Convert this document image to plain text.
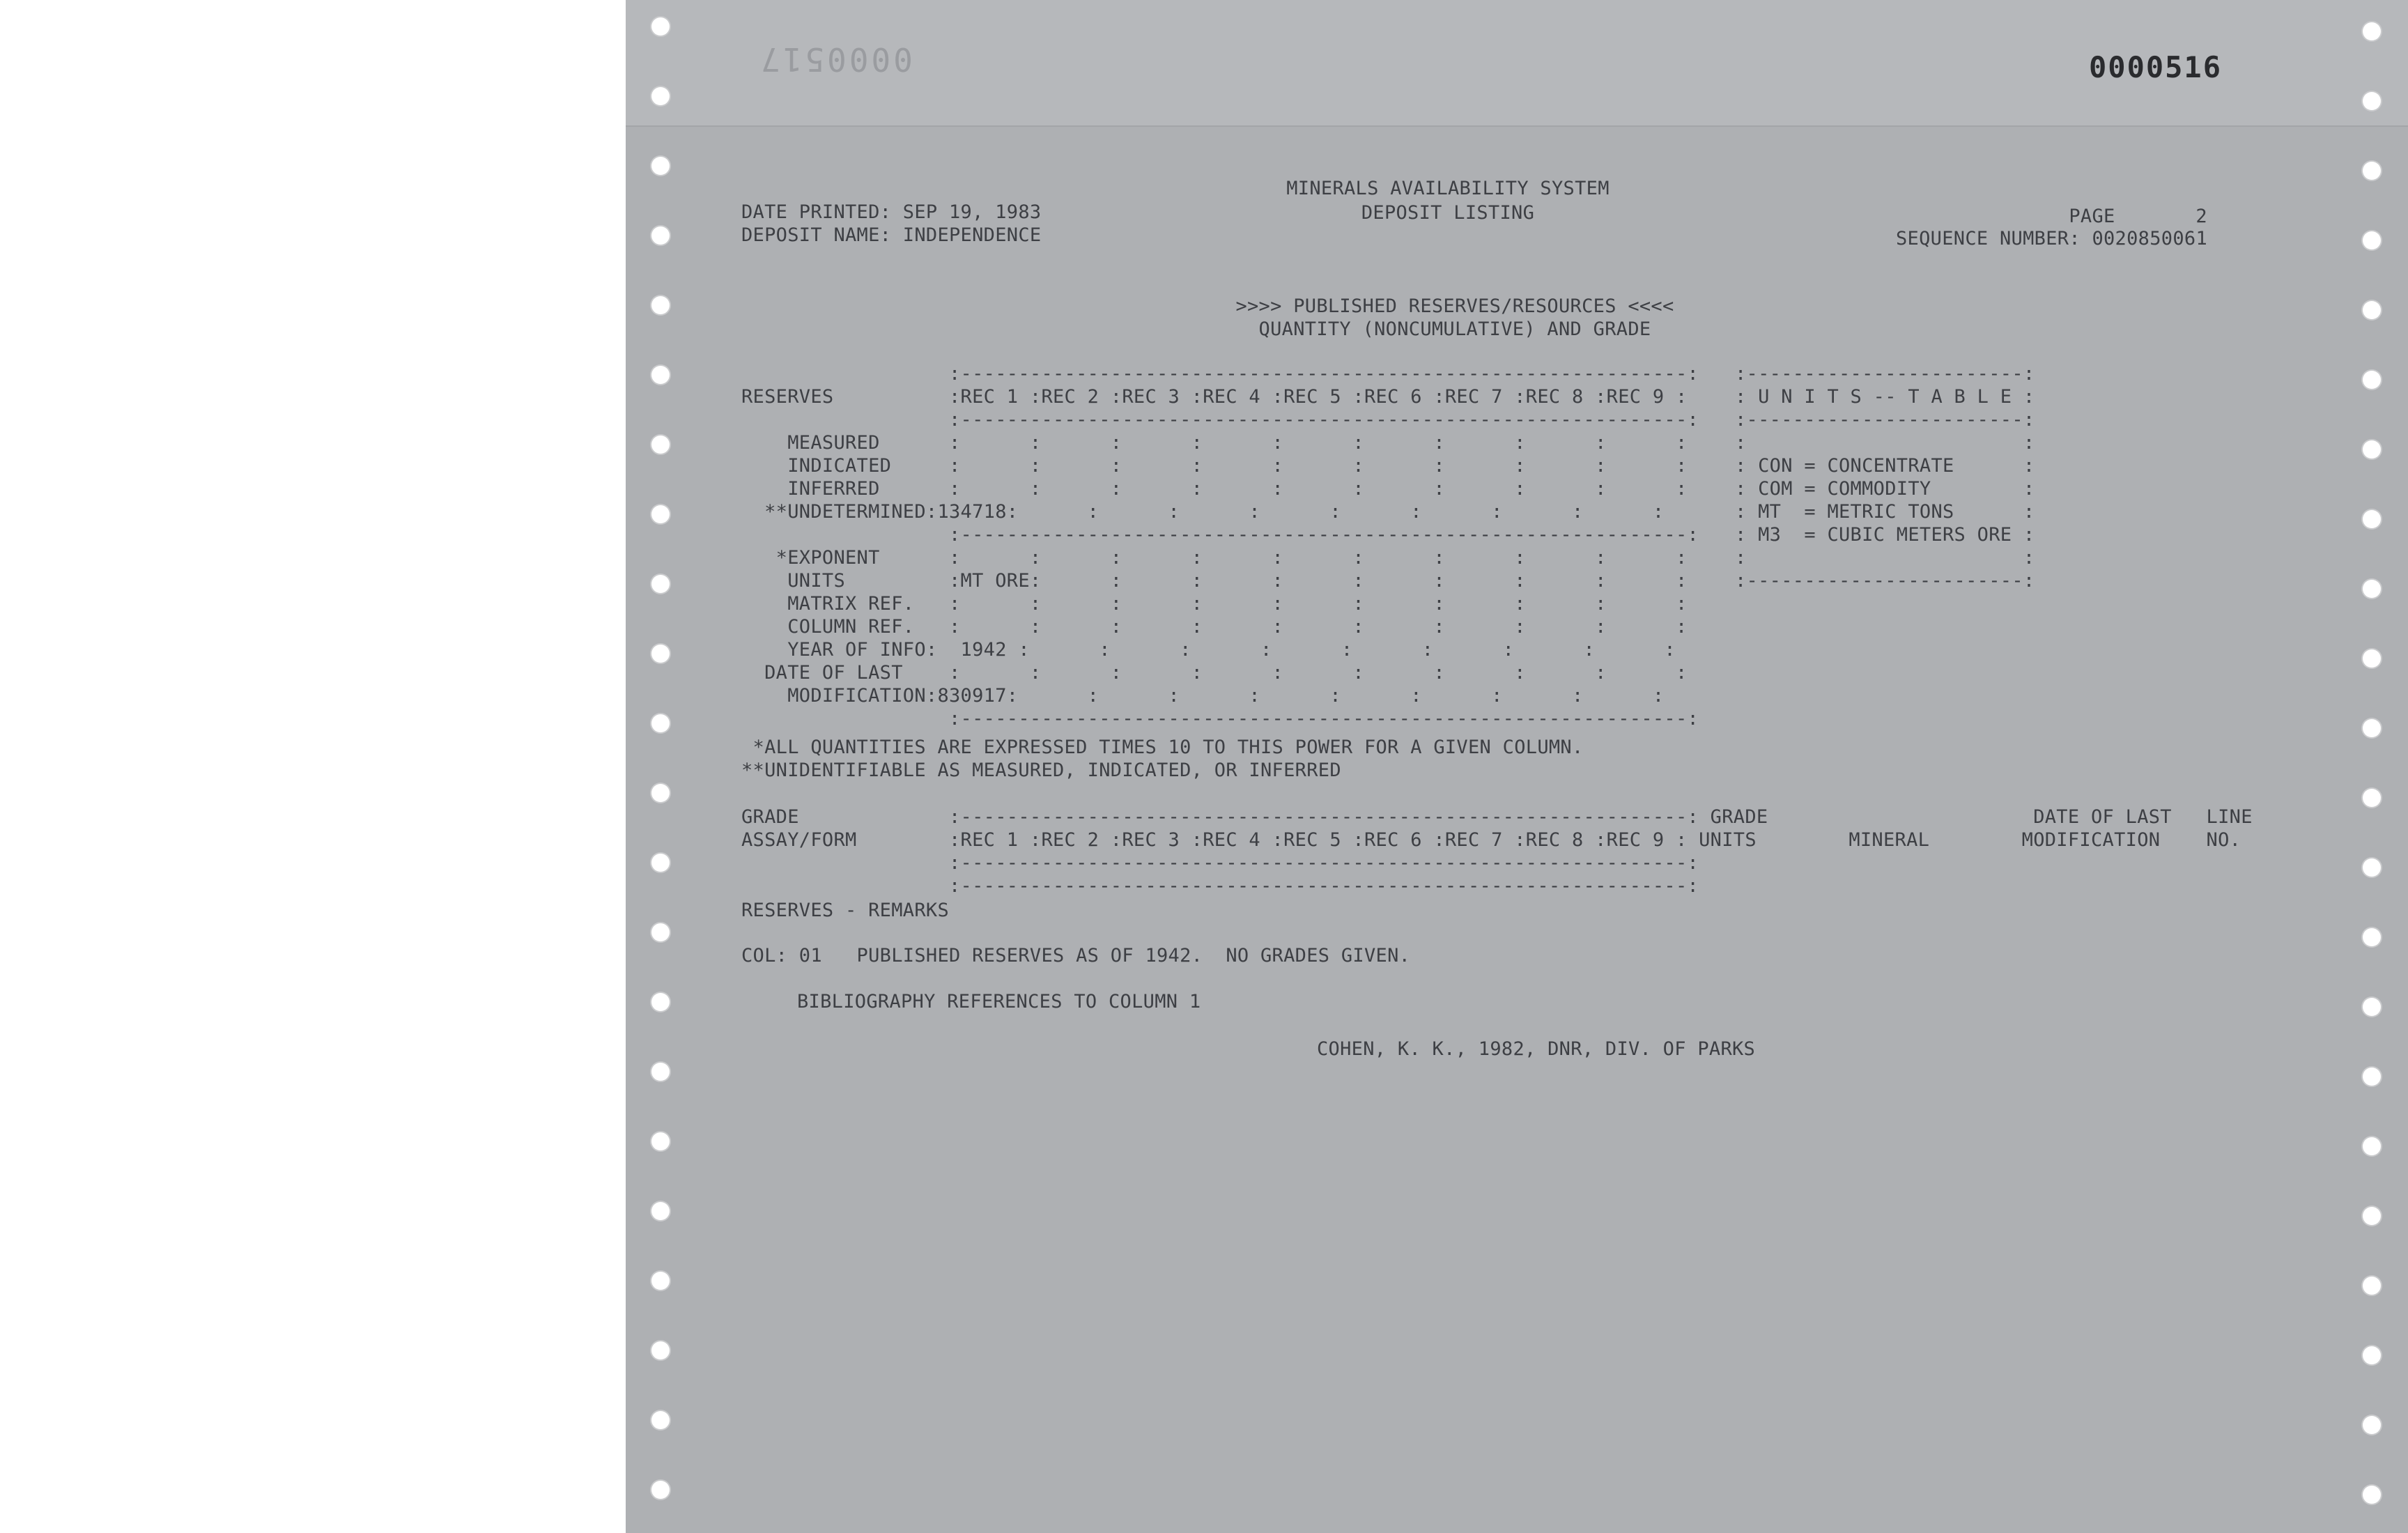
0000517	0000516
MINERALS AVAILABILITY SYSTEM
DEPOSIT LISTING
DATE PRINTED: SEP 19, 1983
DEPOSIT NAME: INDEPENDENCE
PAGE       2
SEQUENCE NUMBER: 0020850061
>>>> PUBLISHED RESERVES/RESOURCES <<<<
QUANTITY (NONCUMULATIVE) AND GRADE
:---------------------------------------------------------------:
RESERVES          :REC 1 :REC 2 :REC 3 :REC 4 :REC 5 :REC 6 :REC 7 :REC 8 :REC 9 :
:---------------------------------------------------------------:
MEASURED      :      :      :      :      :      :      :      :      :      :
INDICATED     :      :      :      :      :      :      :      :      :      :
INFERRED      :      :      :      :      :      :      :      :      :      :
**UNDETERMINED:134718:      :      :      :      :      :      :      :      :
:---------------------------------------------------------------:
*EXPONENT      :      :      :      :      :      :      :      :      :      :
UNITS         :MT ORE:      :      :      :      :      :      :      :      :
MATRIX REF.   :      :      :      :      :      :      :      :      :      :
COLUMN REF.   :      :      :      :      :      :      :      :      :      :
YEAR OF INFO:  1942 :      :      :      :      :      :      :      :      :
DATE OF LAST    :      :      :      :      :      :      :      :      :      :
MODIFICATION:830917:      :      :      :      :      :      :      :      :
:---------------------------------------------------------------:
:------------------------:
: U N I T S -- T A B L E :
:------------------------:
:                        :
: CON = CONCENTRATE      :
: COM = COMMODITY        :
: MT  = METRIC TONS      :
: M3  = CUBIC METERS ORE :
:                        :
:------------------------:
*ALL QUANTITIES ARE EXPRESSED TIMES 10 TO THIS POWER FOR A GIVEN COLUMN.
**UNIDENTIFIABLE AS MEASURED, INDICATED, OR INFERRED
GRADE             :---------------------------------------------------------------: GRADE                       DATE OF LAST   LINE
ASSAY/FORM        :REC 1 :REC 2 :REC 3 :REC 4 :REC 5 :REC 6 :REC 7 :REC 8 :REC 9 : UNITS        MINERAL        MODIFICATION    NO.
:---------------------------------------------------------------:
:---------------------------------------------------------------:
RESERVES - REMARKS
COL: 01   PUBLISHED RESERVES AS OF 1942.  NO GRADES GIVEN.
BIBLIOGRAPHY REFERENCES TO COLUMN 1
COHEN, K. K., 1982, DNR, DIV. OF PARKS
